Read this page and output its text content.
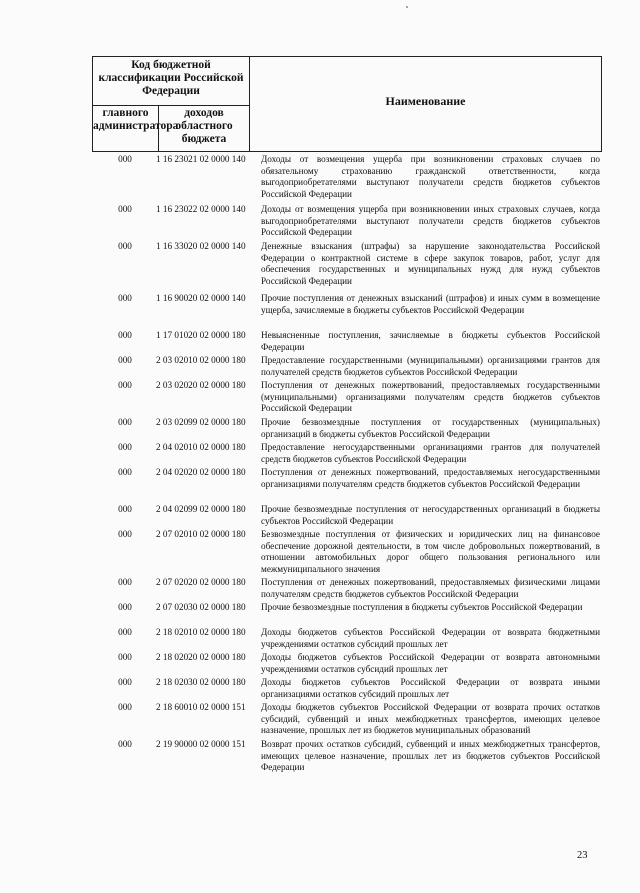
Код бюджетной классификации Российской Федерации
главного администратора
доходов областного бюджета
Наименование
000	1 16 23021 02 0000 140	Доходы от возмещения ущерба при возникновении страховых случаев по обязательному страхованию гражданской ответственности, когда выгодоприобретателями выступают получатели средств бюджетов субъектов Российской Федерации
000	1 16 23022 02 0000 140	Доходы от возмещения ущерба при возникновении иных страховых случаев, когда выгодоприобретателями выступают получатели средств бюджетов субъектов Российской Федерации
000	1 16 33020 02 0000 140	Денежные взыскания (штрафы) за нарушение законодательства Российской Федерации о контрактной системе в сфере закупок товаров, работ, услуг для обеспечения государственных и муниципальных нужд для нужд субъектов Российской Федерации
000	1 16 90020 02 0000 140	Прочие поступления от денежных взысканий (штрафов) и иных сумм в возмещение ущерба, зачисляемые в бюджеты субъектов Российской Федерации
000	1 17 01020 02 0000 180	Невыясненные поступления, зачисляемые в бюджеты субъектов Российской Федерации
000	2 03 02010 02 0000 180	Предоставление государственными (муниципальными) организациями грантов для получателей средств бюджетов субъектов Российской Федерации
000	2 03 02020 02 0000 180	Поступления от денежных пожертвований, предоставляемых государственными (муниципальными) организациями получателям средств бюджетов субъектов Российской Федерации
000	2 03 02099 02 0000 180	Прочие безвозмездные поступления от государственных (муниципальных) организаций в бюджеты субъектов Российской Федерации
000	2 04 02010 02 0000 180	Предоставление негосударственными организациями грантов для получателей средств бюджетов субъектов Российской Федерации
000	2 04 02020 02 0000 180	Поступления от денежных пожертвований, предоставляемых негосударственными организациями получателям средств бюджетов субъектов Российской Федерации
000	2 04 02099 02 0000 180	Прочие безвозмездные поступления от негосударственных организаций в бюджеты субъектов Российской Федерации
000	2 07 02010 02 0000 180	Безвозмездные поступления от физических и юридических лиц на финансовое обеспечение дорожной деятельности, в том числе добровольных пожертвований, в отношении автомобильных дорог общего пользования регионального или межмуниципального значения
000	2 07 02020 02 0000 180	Поступления от денежных пожертвований, предоставляемых физическими лицами получателям средств бюджетов субъектов Российской Федерации
000	2 07 02030 02 0000 180	Прочие безвозмездные поступления в бюджеты субъектов Российской Федерации
000	2 18 02010 02 0000 180	Доходы бюджетов субъектов Российской Федерации от возврата бюджетными учреждениями остатков субсидий прошлых лет
000	2 18 02020 02 0000 180	Доходы бюджетов субъектов Российской Федерации от возврата автономными учреждениями остатков субсидий прошлых лет
000	2 18 02030 02 0000 180	Доходы бюджетов субъектов Российской Федерации от возврата иными организациями остатков субсидий прошлых лет
000	2 18 60010 02 0000 151	Доходы бюджетов субъектов Российской Федерации от возврата прочих остатков субсидий, субвенций и иных межбюджетных трансфертов, имеющих целевое назначение, прошлых лет из бюджетов муниципальных образований
000	2 19 90000 02 0000 151	Возврат прочих остатков субсидий, субвенций и иных межбюджетных трансфертов, имеющих целевое назначение, прошлых лет из бюджетов субъектов Российской Федерации
23
